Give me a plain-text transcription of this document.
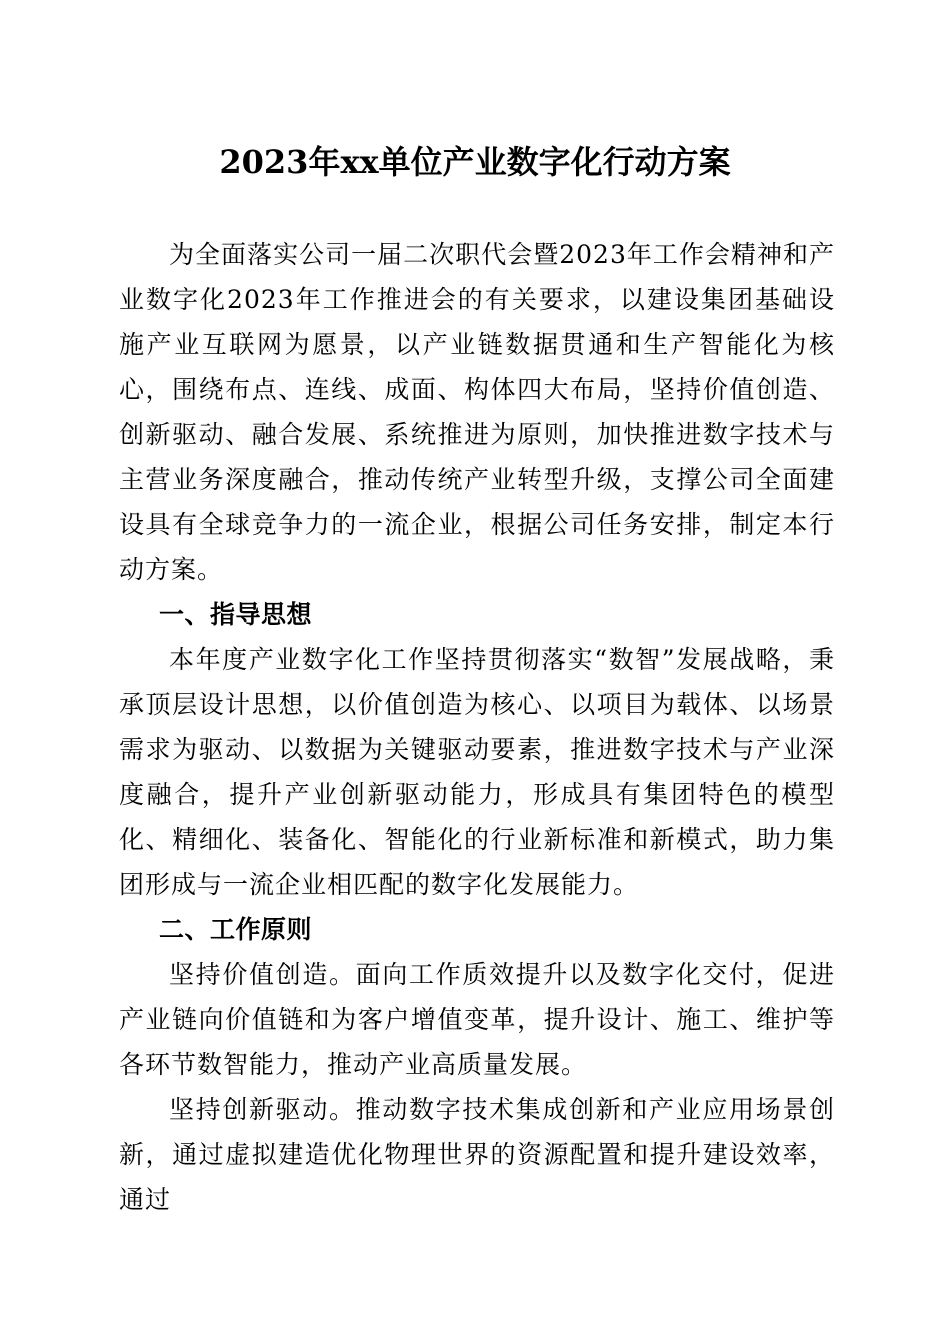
2023年xx单位产业数字化行动方案

为全面落实公司一届二次职代会暨2023年工作会精神和产业数字化2023年工作推进会的有关要求，以建设集团基础设施产业互联网为愿景，以产业链数据贯通和生产智能化为核心，围绕布点、连线、成面、构体四大布局，坚持价值创造、创新驱动、融合发展、系统推进为原则，加快推进数字技术与主营业务深度融合，推动传统产业转型升级，支撑公司全面建设具有全球竞争力的一流企业，根据公司任务安排，制定本行动方案。

一、指导思想

本年度产业数字化工作坚持贯彻落实“数智”发展战略，秉承顶层设计思想，以价值创造为核心、以项目为载体、以场景需求为驱动、以数据为关键驱动要素，推进数字技术与产业深度融合，提升产业创新驱动能力，形成具有集团特色的模型化、精细化、装备化、智能化的行业新标准和新模式，助力集团形成与一流企业相匹配的数字化发展能力。

二、工作原则

坚持价值创造。面向工作质效提升以及数字化交付，促进产业链向价值链和为客户增值变革，提升设计、施工、维护等各环节数智能力，推动产业高质量发展。

坚持创新驱动。推动数字技术集成创新和产业应用场景创新，通过虚拟建造优化物理世界的资源配置和提升建设效率，通过
